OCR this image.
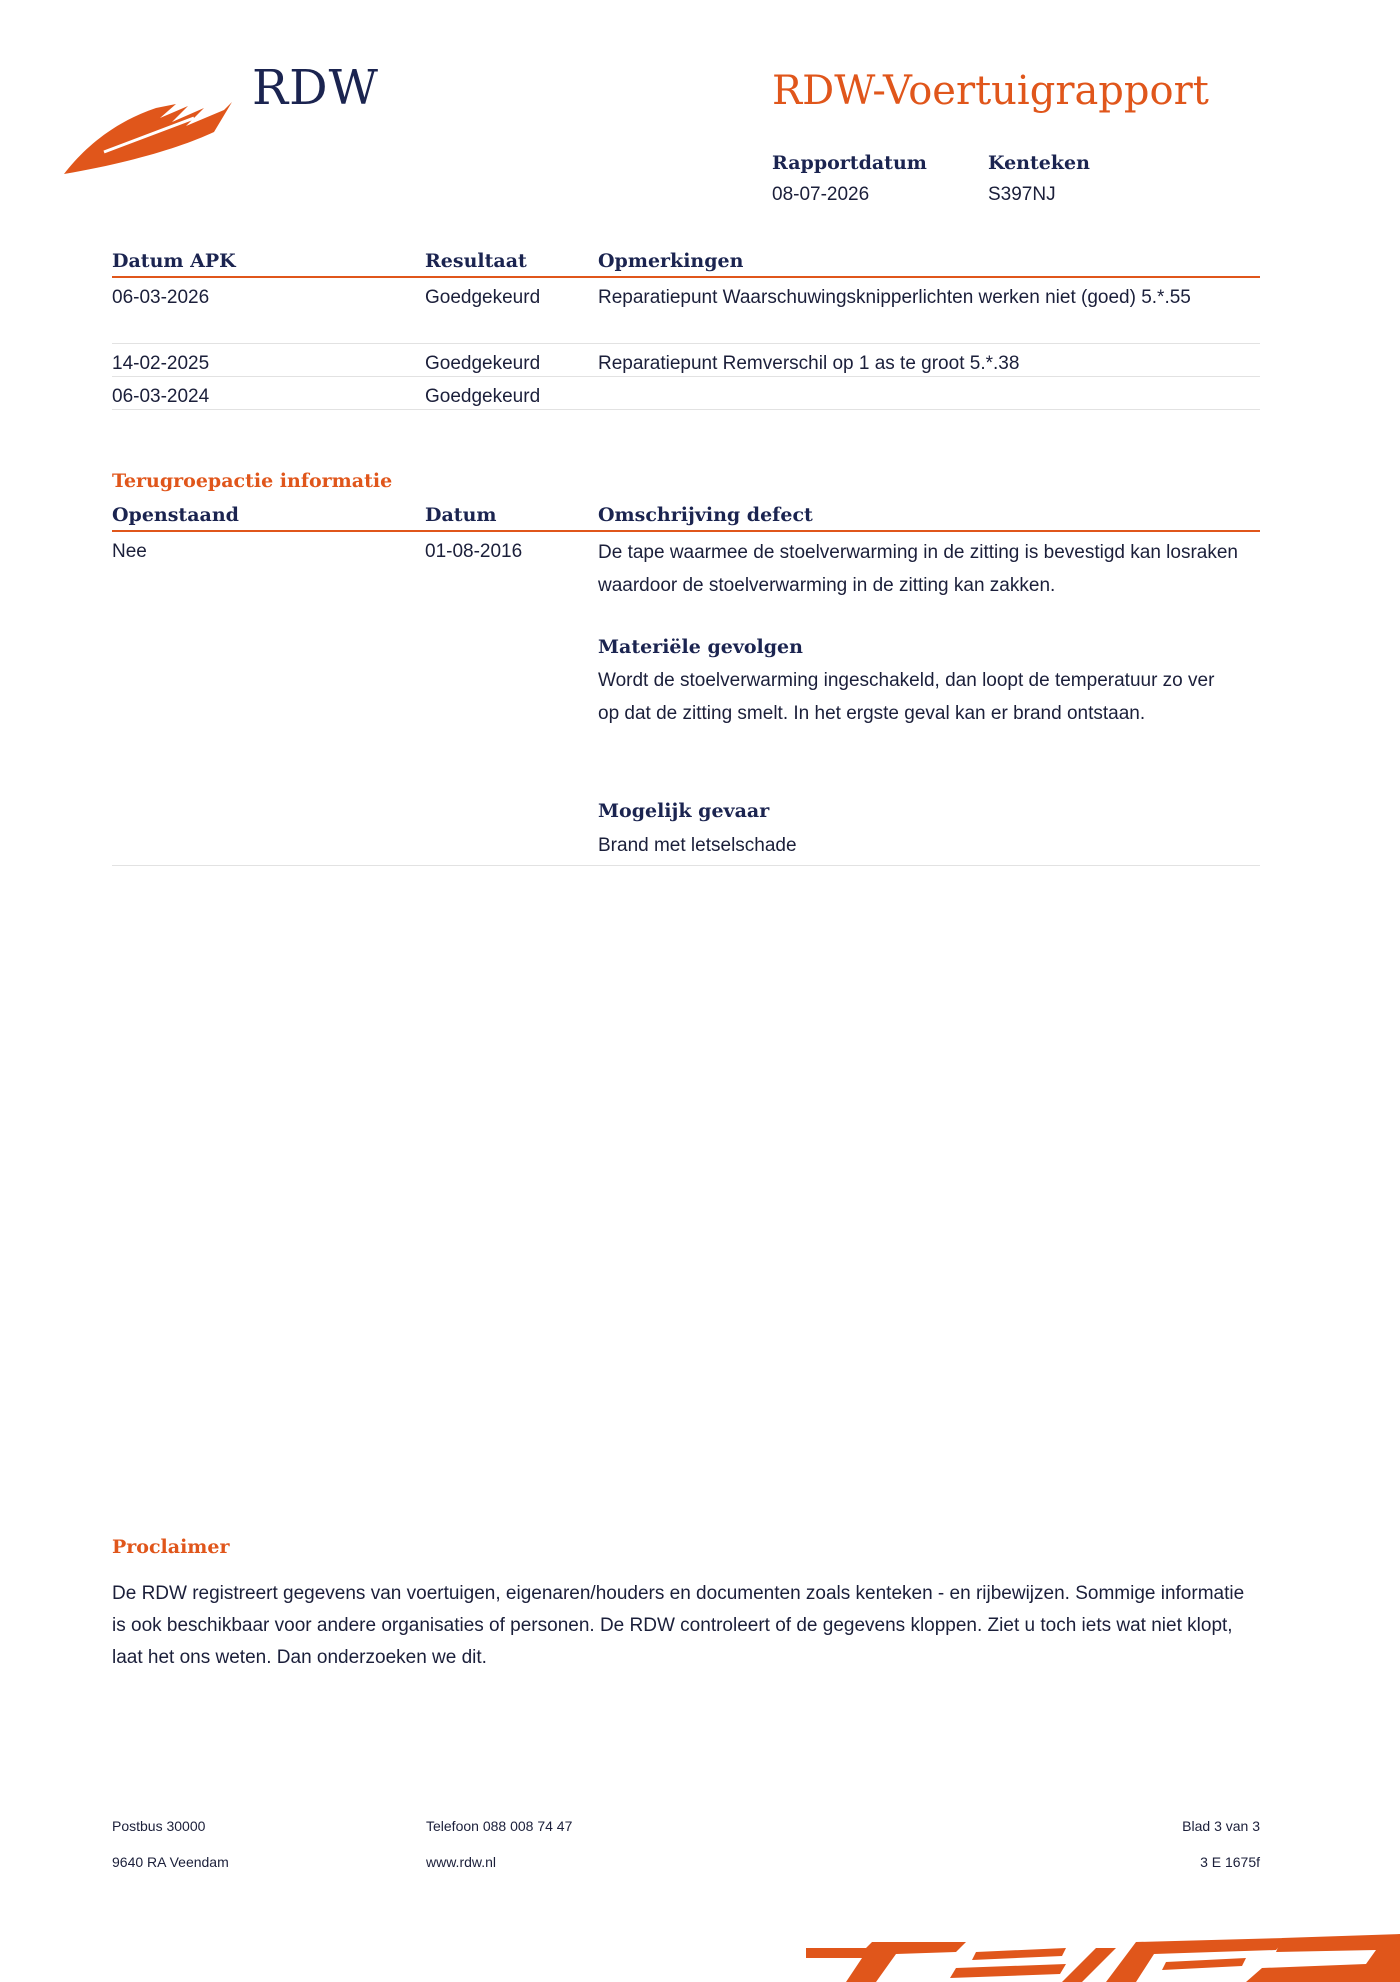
RDW	RDW-Voertuigrapport
Rapportdatum
08-07-2026
Kenteken
S397NJ
Datum APK	Resultaat	Opmerkingen
06-03-2026	Goedgekeurd	Reparatiepunt Waarschuwingsknipperlichten werken niet (goed) 5.*.55
14-02-2025	Goedgekeurd	Reparatiepunt Remverschil op 1 as te groot 5.*.38
06-03-2024	Goedgekeurd
Terugroepactie informatie
Openstaand	Datum	Omschrijving defect
Nee	01-08-2016	De tape waarmee de stoelverwarming in de zitting is bevestigd kan losraken waardoor de stoelverwarming in de zitting kan zakken.
Materiële gevolgen
Wordt de stoelverwarming ingeschakeld, dan loopt de temperatuur zo ver op dat de zitting smelt. In het ergste geval kan er brand ontstaan.
Mogelijk gevaar
Brand met letselschade
Proclaimer
De RDW registreert gegevens van voertuigen, eigenaren/houders en documenten zoals kenteken - en rijbewijzen. Sommige informatie is ook beschikbaar voor andere organisaties of personen. De RDW controleert of de gegevens kloppen. Ziet u toch iets wat niet klopt, laat het ons weten. Dan onderzoeken we dit.
Postbus 30000
9640 RA Veendam
Telefoon 088 008 74 47
www.rdw.nl
Blad 3 van 3
3 E 1675f
